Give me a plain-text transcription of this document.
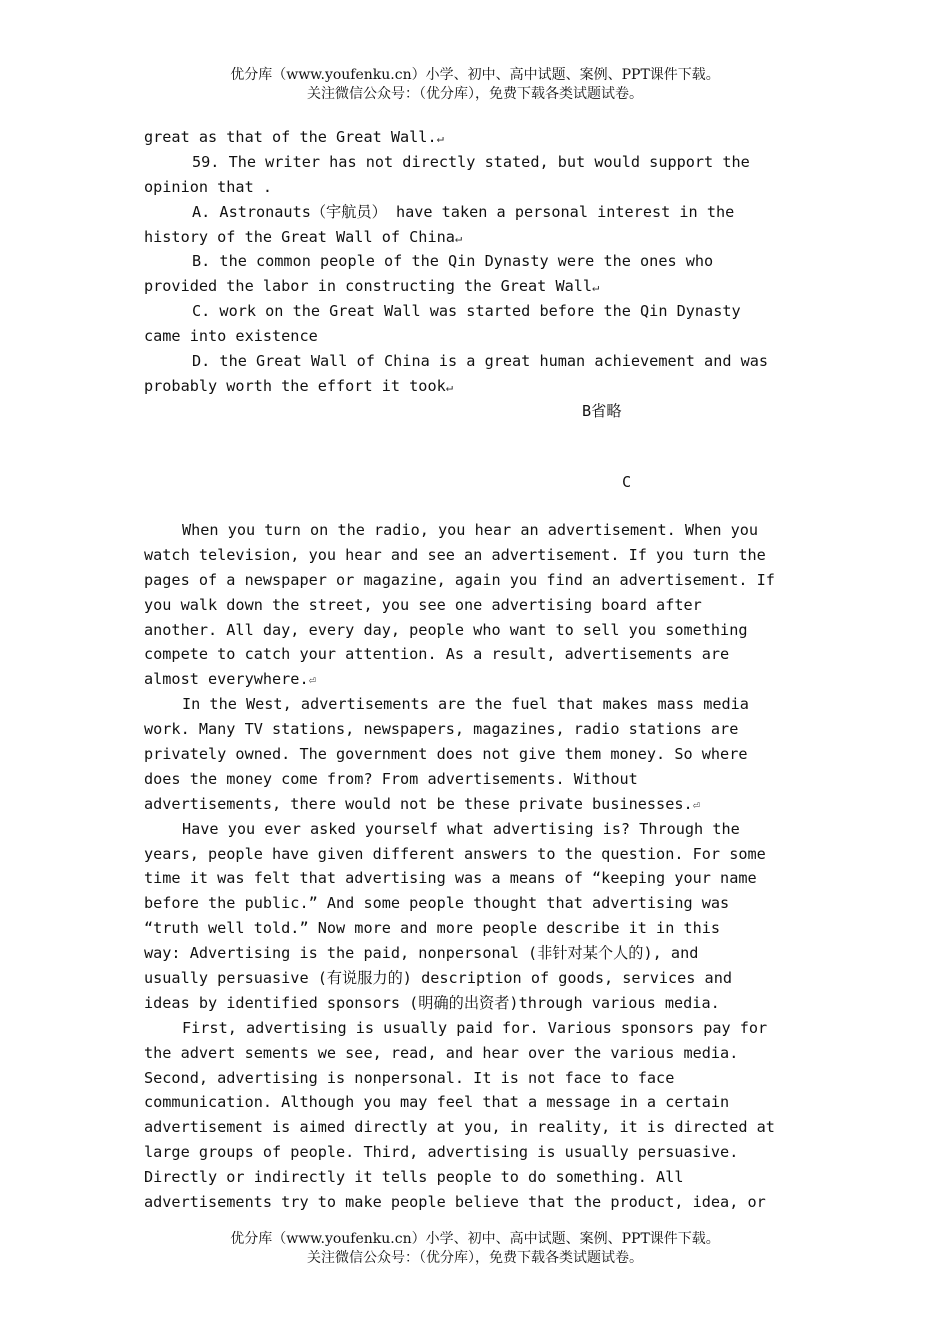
优分库（www.youfenku.cn）小学、初中、高中试题、案例、PPT课件下载。
关注微信公众号：（优分库），免费下载各类试题试卷。
great as that of the Great Wall.↵
59. The writer has not directly stated, but would support the
opinion that .
A. Astronauts（宇航员） have taken a personal interest in the
history of the Great Wall of China↵
B. the common people of the Qin Dynasty were the ones who
provided the labor in constructing the Great Wall↵
C. work on the Great Wall was started before the Qin Dynasty
came into existence
D. the Great Wall of China is a great human achievement and was
probably worth the effort it took↵
B省略
C
When you turn on the radio, you hear an advertisement. When you
watch television, you hear and see an advertisement. If you turn the
pages of a newspaper or magazine, again you find an advertisement. If
you walk down the street, you see one advertising board after
another. All day, every day, people who want to sell you something
compete to catch your attention. As a result, advertisements are
almost everywhere.⏎
In the West, advertisements are the fuel that makes mass media
work. Many TV stations, newspapers, magazines, radio stations are
privately owned. The government does not give them money. So where
does the money come from? From advertisements. Without
advertisements, there would not be these private businesses.⏎
Have you ever asked yourself what advertising is? Through the
years, people have given different answers to the question. For some
time it was felt that advertising was a means of “keeping your name
before the public.” And some people thought that advertising was
“truth well told.” Now more and more people describe it in this
way: Advertising is the paid, nonpersonal (非针对某个人的), and
usually persuasive (有说服力的) description of goods, services and
ideas by identified sponsors (明确的出资者)through various media.
First, advertising is usually paid for. Various sponsors pay for
the advert sements we see, read, and hear over the various media.
Second, advertising is nonpersonal. It is not face to face
communication. Although you may feel that a message in a certain
advertisement is aimed directly at you, in reality, it is directed at
large groups of people. Third, advertising is usually persuasive.
Directly or indirectly it tells people to do something. All
advertisements try to make people believe that the product, idea, or
优分库（www.youfenku.cn）小学、初中、高中试题、案例、PPT课件下载。
关注微信公众号：（优分库），免费下载各类试题试卷。
